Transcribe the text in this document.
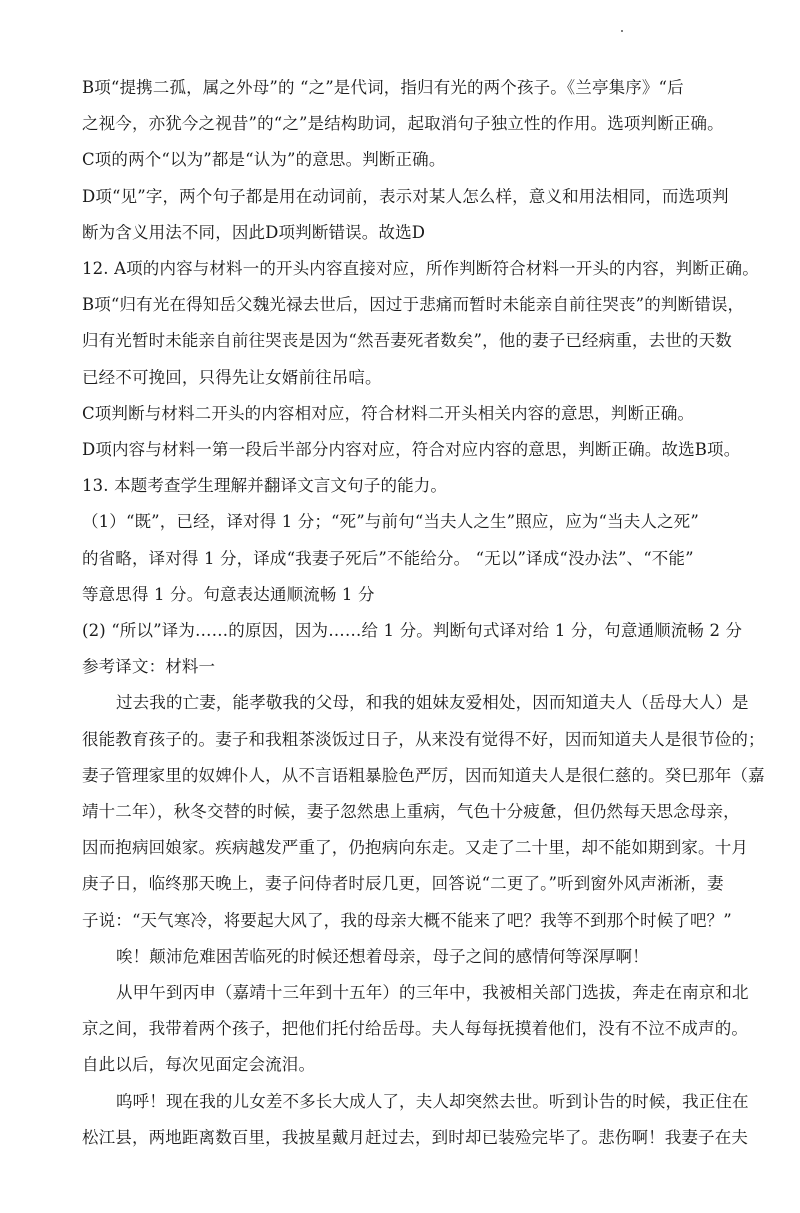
B项“提携二孤，属之外母”的 “之”是代词，指归有光的两个孩子。《兰亭集序》“后
之视今，亦犹今之视昔”的“之”是结构助词，起取消句子独立性的作用。选项判断正确。
C项的两个“以为”都是“认为”的意思。判断正确。
D项“见”字，两个句子都是用在动词前，表示对某人怎么样，意义和用法相同，而选项判
断为含义用法不同，因此D项判断错误。故选D
12. A项的内容与材料一的开头内容直接对应，所作判断符合材料一开头的内容，判断正确。
B项“归有光在得知岳父魏光禄去世后，因过于悲痛而暂时未能亲自前往哭丧”的判断错误，
归有光暂时未能亲自前往哭丧是因为“然吾妻死者数矣”，他的妻子已经病重，去世的天数
已经不可挽回，只得先让女婿前往吊唁。
C项判断与材料二开头的内容相对应，符合材料二开头相关内容的意思，判断正确。
D项内容与材料一第一段后半部分内容对应，符合对应内容的意思，判断正确。故选B项。
13. 本题考查学生理解并翻译文言文句子的能力。
（1）“既”，已经，译对得 1 分；“死”与前句“当夫人之生”照应，应为“当夫人之死”
的省略，译对得 1 分，译成“我妻子死后”不能给分。 “无以”译成“没办法”、“不能”
等意思得 1 分。句意表达通顺流畅 1 分
(2) “所以”译为……的原因，因为……给 1 分。判断句式译对给 1 分，句意通顺流畅 2 分
参考译文：材料一
过去我的亡妻，能孝敬我的父母，和我的姐妹友爱相处，因而知道夫人（岳母大人）是
很能教育孩子的。妻子和我粗茶淡饭过日子，从来没有觉得不好，因而知道夫人是很节俭的；
妻子管理家里的奴婢仆人，从不言语粗暴脸色严厉，因而知道夫人是很仁慈的。癸巳那年（嘉
靖十二年），秋冬交替的时候，妻子忽然患上重病，气色十分疲惫，但仍然每天思念母亲，
因而抱病回娘家。疾病越发严重了，仍抱病向东走。又走了二十里，却不能如期到家。十月
庚子日，临终那天晚上，妻子问侍者时辰几更，回答说“二更了。”听到窗外风声淅淅，妻
子说：“天气寒冷，将要起大风了，我的母亲大概不能来了吧？我等不到那个时候了吧？”
唉！颠沛危难困苦临死的时候还想着母亲，母子之间的感情何等深厚啊！
从甲午到丙申（嘉靖十三年到十五年）的三年中，我被相关部门选拔，奔走在南京和北
京之间，我带着两个孩子，把他们托付给岳母。夫人每每抚摸着他们，没有不泣不成声的。
自此以后，每次见面定会流泪。
呜呼！现在我的儿女差不多长大成人了，夫人却突然去世。听到讣告的时候，我正住在
松江县，两地距离数百里，我披星戴月赶过去，到时却已装殓完毕了。悲伤啊！我妻子在夫
